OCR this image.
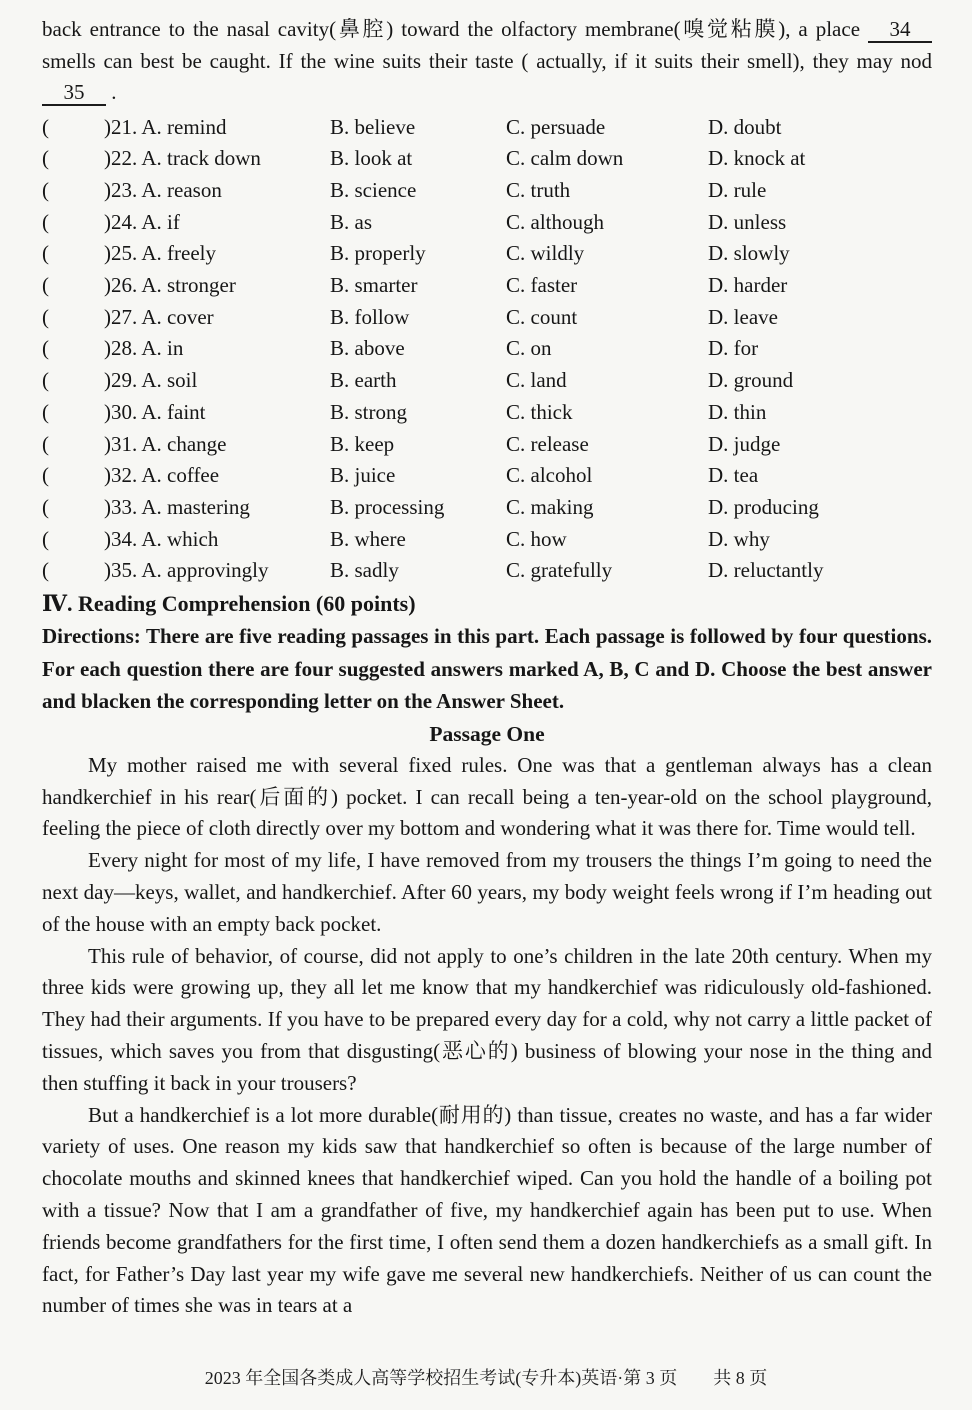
back entrance to the nasal cavity(鼻腔) toward the olfactory membrane(嗅觉粘膜), a place 34 smells can best be caught. If the wine suits their taste ( actually, if it suits their smell), they may nod 35 .

(	)21. A. remind	B. believe	C. persuade	D. doubt
(	)22. A. track down	B. look at	C. calm down	D. knock at
(	)23. A. reason	B. science	C. truth	D. rule
(	)24. A. if	B. as	C. although	D. unless
(	)25. A. freely	B. properly	C. wildly	D. slowly
(	)26. A. stronger	B. smarter	C. faster	D. harder
(	)27. A. cover	B. follow	C. count	D. leave
(	)28. A. in	B. above	C. on	D. for
(	)29. A. soil	B. earth	C. land	D. ground
(	)30. A. faint	B. strong	C. thick	D. thin
(	)31. A. change	B. keep	C. release	D. judge
(	)32. A. coffee	B. juice	C. alcohol	D. tea
(	)33. A. mastering	B. processing	C. making	D. producing
(	)34. A. which	B. where	C. how	D. why
(	)35. A. approvingly	B. sadly	C. gratefully	D. reluctantly
Ⅳ. Reading Comprehension (60 points)

Directions: There are five reading passages in this part. Each passage is followed by four questions. For each question there are four suggested answers marked A, B, C and D. Choose the best answer and blacken the corresponding letter on the Answer Sheet.

Passage One

My mother raised me with several fixed rules. One was that a gentleman always has a clean handkerchief in his rear(后面的) pocket. I can recall being a ten-year-old on the school playground, feeling the piece of cloth directly over my bottom and wondering what it was there for. Time would tell.

Every night for most of my life, I have removed from my trousers the things I’m going to need the next day—keys, wallet, and handkerchief. After 60 years, my body weight feels wrong if I’m heading out of the house with an empty back pocket.

This rule of behavior, of course, did not apply to one’s children in the late 20th century. When my three kids were growing up, they all let me know that my handkerchief was ridiculously old-fashioned. They had their arguments. If you have to be prepared every day for a cold, why not carry a little packet of tissues, which saves you from that disgusting(恶心的) business of blowing your nose in the thing and then stuffing it back in your trousers?

But a handkerchief is a lot more durable(耐用的) than tissue, creates no waste, and has a far wider variety of uses. One reason my kids saw that handkerchief so often is because of the large number of chocolate mouths and skinned knees that handkerchief wiped. Can you hold the handle of a boiling pot with a tissue? Now that I am a grandfather of five, my handkerchief again has been put to use. When friends become grandfathers for the first time, I often send them a dozen handkerchiefs as a small gift. In fact, for Father’s Day last year my wife gave me several new handkerchiefs. Neither of us can count the number of times she was in tears at a

2023 年全国各类成人高等学校招生考试(专升本)英语·第 3 页　　共 8 页
